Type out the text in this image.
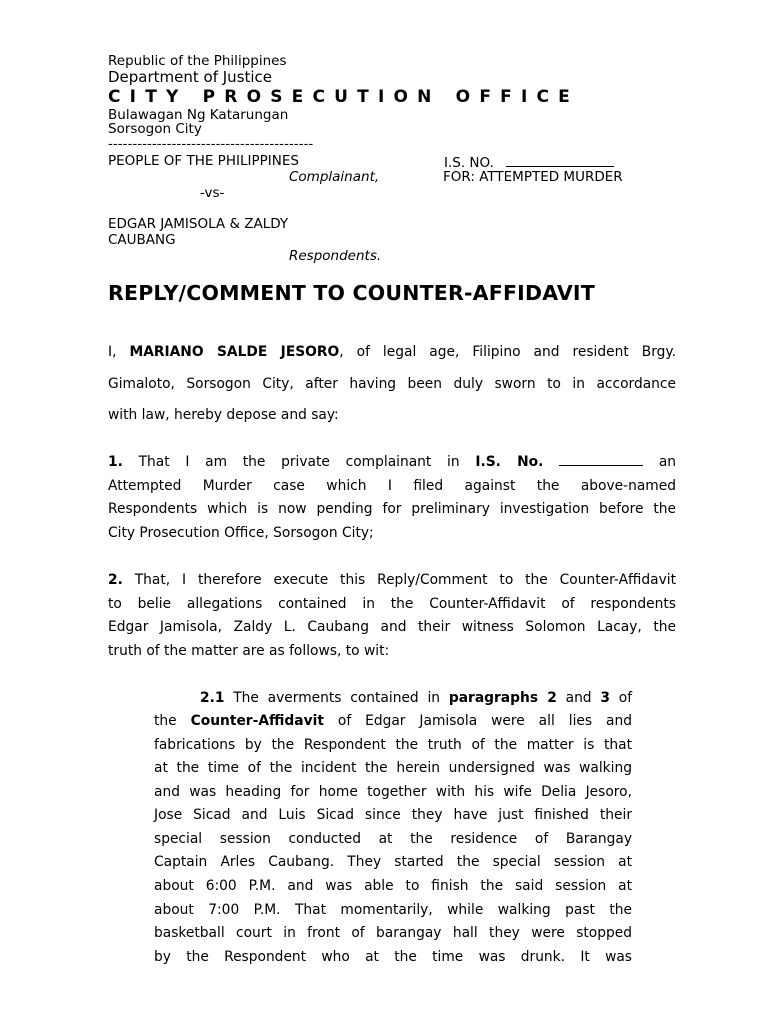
Republic of the Philippines
Department of Justice
CITY PROSECUTION OFFICE
Bulawagan Ng Katarungan
Sorsogon City
------------------------------------------
PEOPLE OF THE PHILIPPINES	I.S. NO.
Complainant,	FOR: ATTEMPTED MURDER
-vs-
EDGAR JAMISOLA & ZALDY
CAUBANG
Respondents.
REPLY/COMMENT TO COUNTER-AFFIDAVIT
I, MARIANO SALDE JESORO, of legal age, Filipino and resident Brgy.
Gimaloto, Sorsogon City, after having been duly sworn to in accordance
with law, hereby depose and say:
1. That I am the private complainant in I.S. No.	an
Attempted Murder case which I filed against the above-named
Respondents which is now pending for preliminary investigation before the
City Prosecution Office, Sorsogon City;
2. That, I therefore execute this Reply/Comment to the Counter-Affidavit
to belie allegations contained in the Counter-Affidavit of respondents
Edgar Jamisola, Zaldy L. Caubang and their witness Solomon Lacay, the
truth of the matter are as follows, to wit:
2.1 The averments contained in paragraphs 2 and 3 of
the Counter-Affidavit of Edgar Jamisola were all lies and
fabrications by the Respondent the truth of the matter is that
at the time of the incident the herein undersigned was walking
and was heading for home together with his wife Delia Jesoro,
Jose Sicad and Luis Sicad since they have just finished their
special session conducted at the residence of Barangay
Captain Arles Caubang. They started the special session at
about 6:00 P.M. and was able to finish the said session at
about 7:00 P.M. That momentarily, while walking past the
basketball court in front of barangay hall they were stopped
by the Respondent who at the time was drunk. It was
